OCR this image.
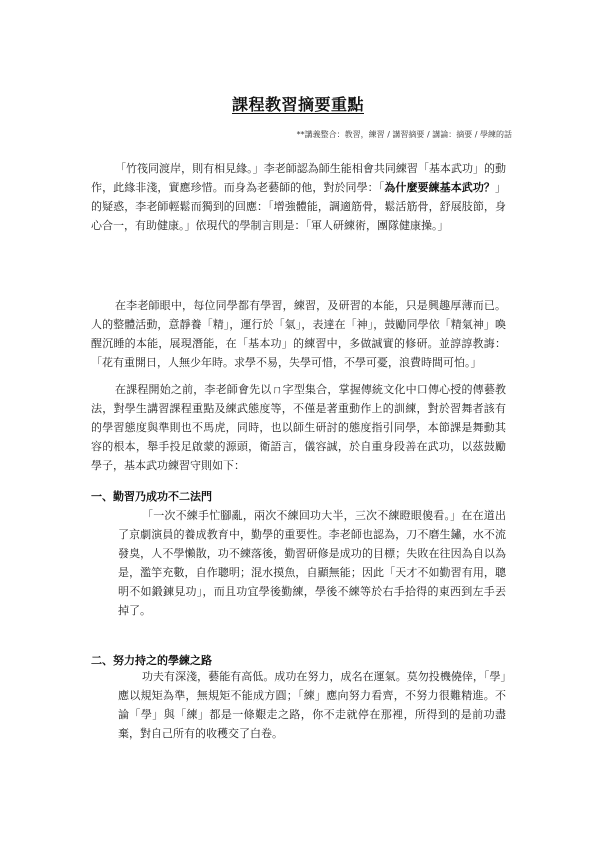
課程教習摘要重點
**講義整合：教習，練習 / 講習摘要 / 講論：摘要 / 學練的話

「竹筏同渡岸，則有相見緣。」李老師認為師生能相會共同練習「基本武功」的動作，此緣非淺，實應珍惜。而身為老藝師的他，對於同學：「為什麼要練基本武功？」的疑惑，李老師輕鬆而獨到的回應：「增強體能，調適筋骨，鬆活筋骨，舒展肢節，身心合一，有助健康。」依現代的學制言則是：「軍人研練術，團隊健康操。」

在李老師眼中，每位同學都有學習，練習，及研習的本能，只是興趣厚薄而已。人的整體活動，意靜養「精」，運行於「氣」，表達在「神」，鼓勵同學依「精氣神」喚醒沉睡的本能，展現潛能，在「基本功」的練習中，多做誠實的修研。並諄諄教誨：「花有重開日，人無少年時。求學不易，失學可惜，不學可憂，浪費時間可怕。」

在課程開始之前，李老師會先以ㄇ字型集合，掌握傳統文化中口傳心授的傳藝教法，對學生講習課程重點及練武態度等，不僅是著重動作上的訓練，對於習舞者該有的學習態度與準則也不馬虎，同時，也以師生研討的態度指引同學，本節課是舞動其容的根本，舉手投足啟蒙的源頭，衛語言，儀容誠，於自重身段善在武功，以茲鼓勵學子，基本武功練習守則如下：

一、勤習乃成功不二法門

「一次不練手忙腳亂，兩次不練回功大半，三次不練瞪眼傻看。」在在道出了京劇演員的養成教育中，勤學的重要性。李老師也認為，刀不磨生鏽，水不流發臭，人不學懶散，功不練落後，勤習研修是成功的目標；失敗在往因為自以為是，濫竽充數，自作聰明；混水摸魚，自顯無能；因此「天才不如勤習有用，聰明不如鍛鍊見功」，而且功宜學後勤練，學後不練等於右手拾得的東西到左手丟掉了。

二、努力持之的學練之路

功夫有深淺，藝能有高低。成功在努力，成名在運氣。莫勿投機僥倖，「學」應以規矩為準，無規矩不能成方圓；「練」應向努力看齊，不努力很難精進。不論「學」與「練」都是一條艱走之路，你不走就停在那裡，所得到的是前功盡棄，對自己所有的收穫交了白卷。
